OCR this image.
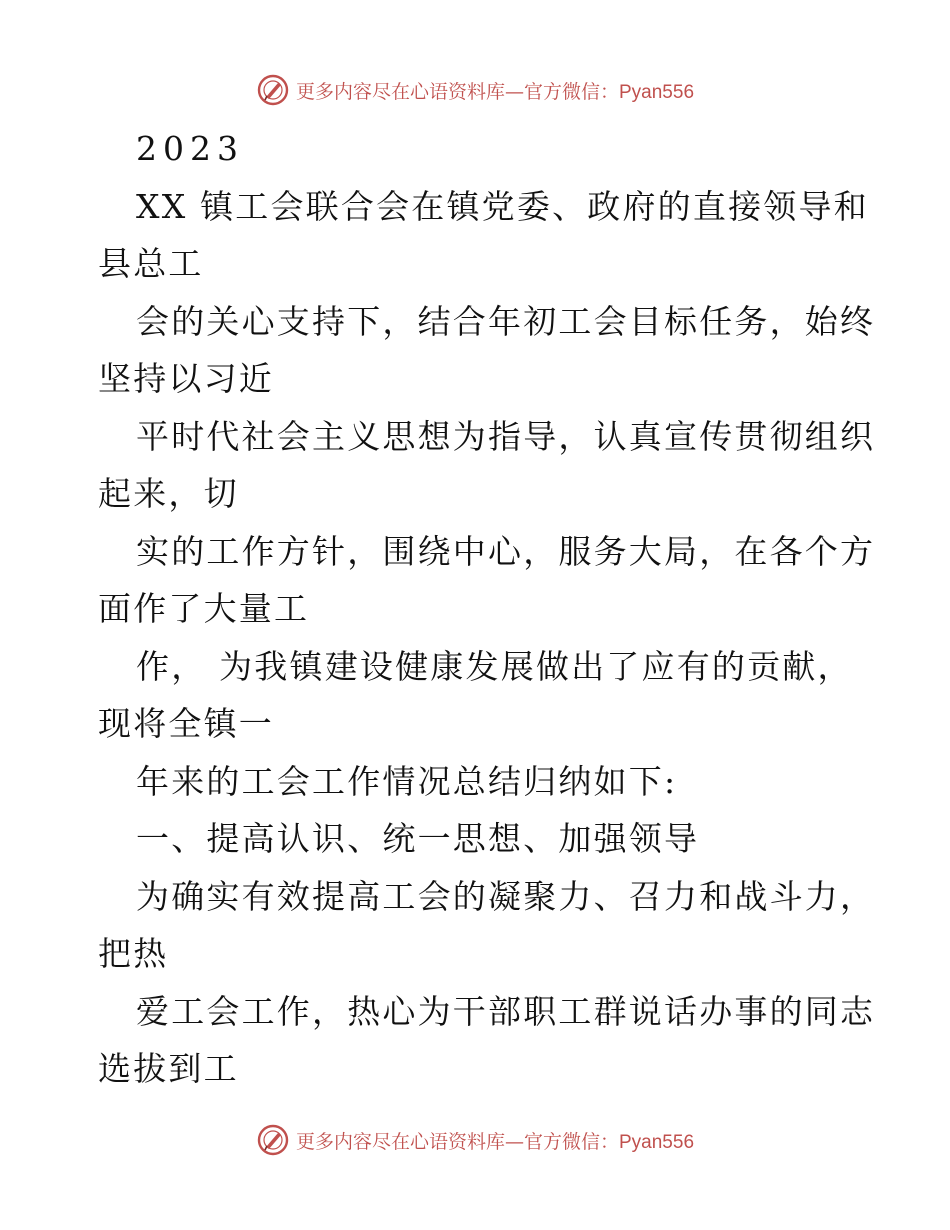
更多内容尽在心语资料库—官方微信：Pyan556
2023
XX 镇工会联合会在镇党委、政府的直接领导和
县总工
会的关心支持下，结合年初工会目标任务，始终
坚持以习近
平时代社会主义思想为指导，认真宣传贯彻组织
起来，切
实的工作方针，围绕中心，服务大局，在各个方
面作了大量工
作， 为我镇建设健康发展做出了应有的贡献，
现将全镇一
年来的工会工作情况总结归纳如下:
一、提高认识、统一思想、加强领导
为确实有效提高工会的凝聚力、召力和战斗力，
把热
爱工会工作，热心为干部职工群说话办事的同志
选拔到工
更多内容尽在心语资料库—官方微信：Pyan556
